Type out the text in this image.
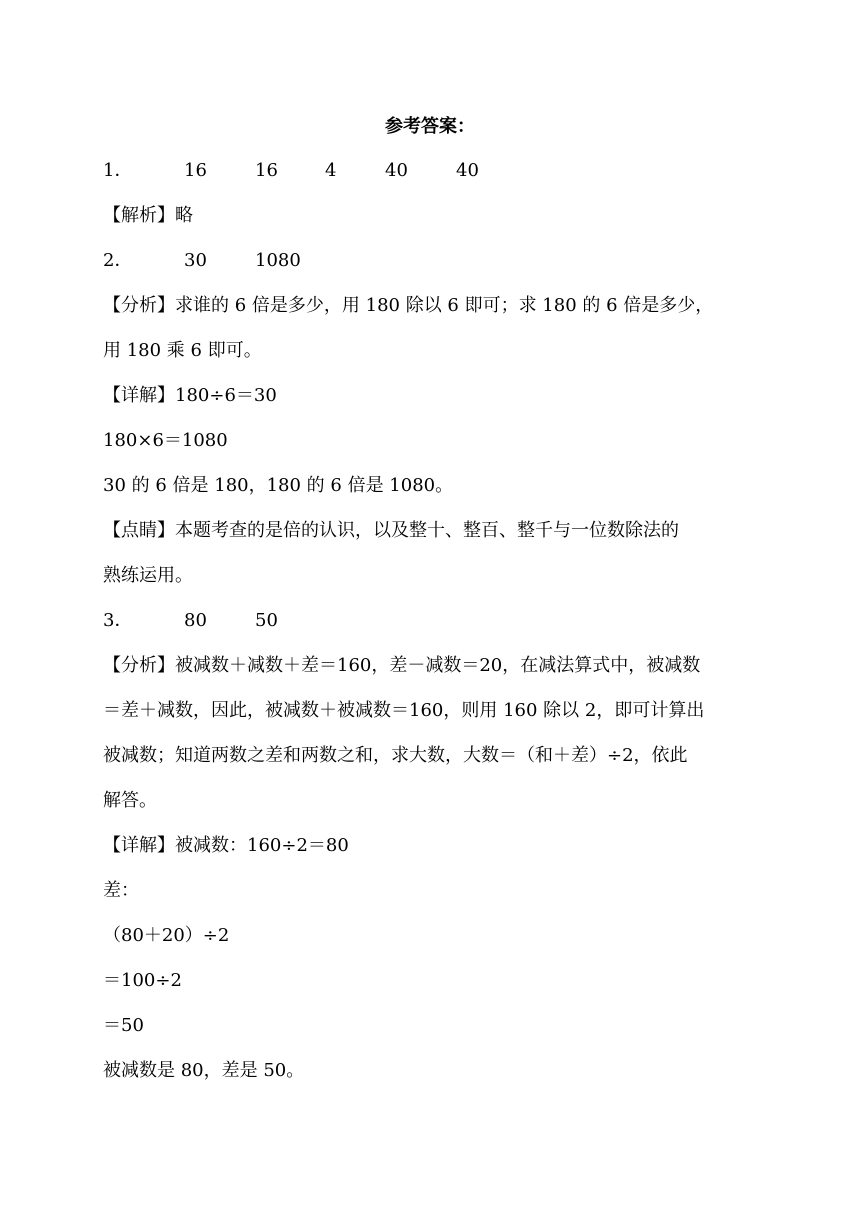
参考答案：
1．	16	16	4	40	40
【解析】略
2．	30	1080
【分析】求谁的 6 倍是多少，用 180 除以 6 即可；求 180 的 6 倍是多少，
用 180 乘 6 即可。
【详解】180÷6＝30
180×6＝1080
30 的 6 倍是 180，180 的 6 倍是 1080。
【点睛】本题考查的是倍的认识，以及整十、整百、整千与一位数除法的
熟练运用。
3．	80	50
【分析】被减数＋减数＋差＝160，差－减数＝20，在减法算式中，被减数
＝差＋减数，因此，被减数＋被减数＝160，则用 160 除以 2，即可计算出
被减数；知道两数之差和两数之和，求大数，大数＝（和＋差）÷2，依此
解答。
【详解】被减数：160÷2＝80
差：
（80＋20）÷2
＝100÷2
＝50
被减数是 80，差是 50。
